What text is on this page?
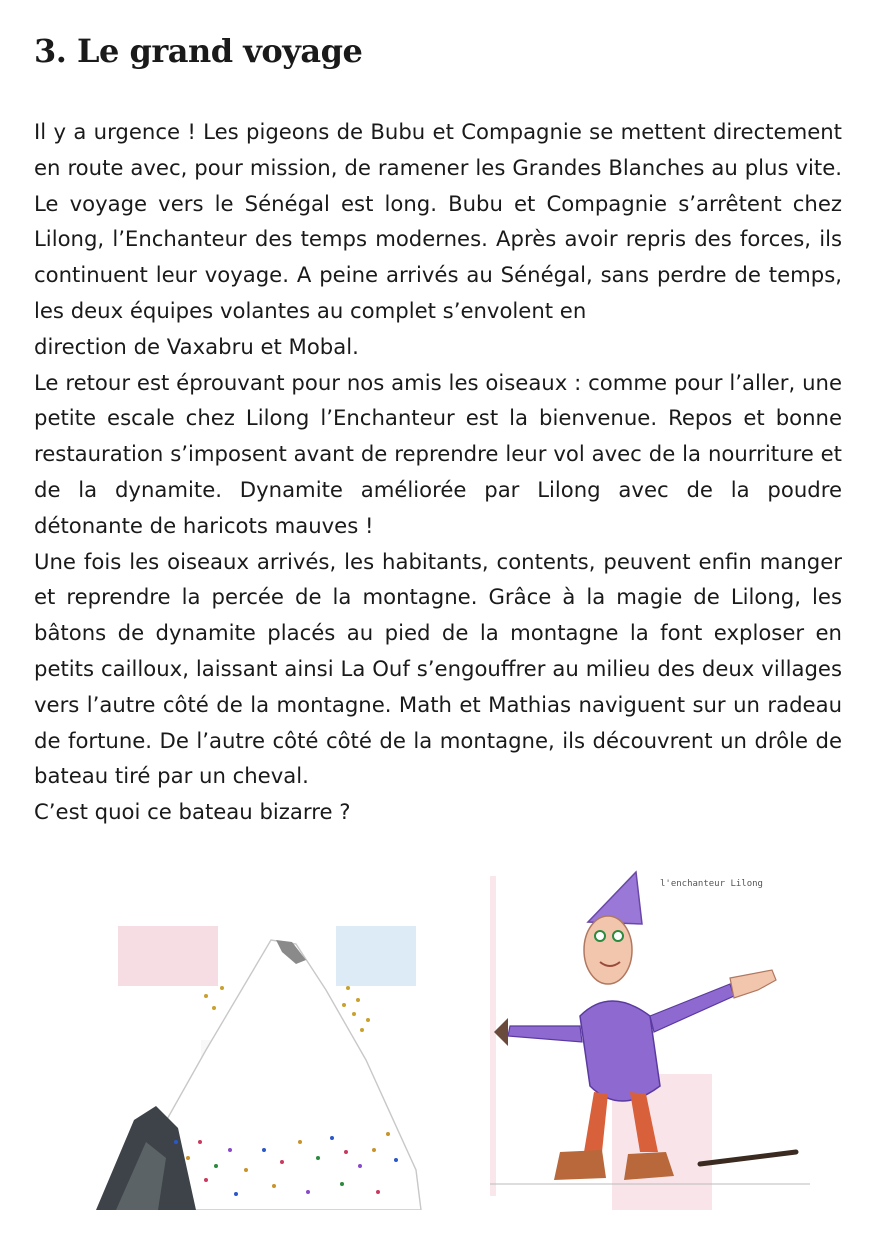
3. Le grand voyage

Il y a urgence ! Les pigeons de Bubu et Compagnie se mettent directement en route avec, pour mission, de ramener les Grandes Blanches au plus vite. Le voyage vers le Sénégal est long. Bubu et Compagnie s’arrêtent chez Lilong, l’Enchanteur des temps modernes. Après avoir repris des forces, ils continuent leur voyage. A peine arrivés au Sénégal, sans perdre de temps, les deux équipes volantes au complet s’envolent en

direction de Vaxabru et Mobal.

Le retour est éprouvant pour nos amis les oiseaux : comme pour l’aller, une petite escale chez Lilong l’Enchanteur est la bienvenue. Repos et bonne restauration s’imposent avant de reprendre leur vol avec de la nourriture et de la dynamite. Dynamite améliorée par Lilong avec de la poudre détonante de haricots mauves !

Une fois les oiseaux arrivés, les habitants, contents, peuvent enfin manger et reprendre la percée de la montagne. Grâce à la magie de Lilong, les bâtons de dynamite placés au pied de la montagne la font exploser en petits cailloux, laissant ainsi La Ouf s’engouffrer au milieu des deux villages vers l’autre côté de la montagne. Math et Mathias naviguent sur un radeau de fortune. De l’autre côté côté de la montagne, ils découvrent un drôle de bateau tiré par un cheval.

C’est quoi ce bateau bizarre ?

l'enchanteur Lilong
